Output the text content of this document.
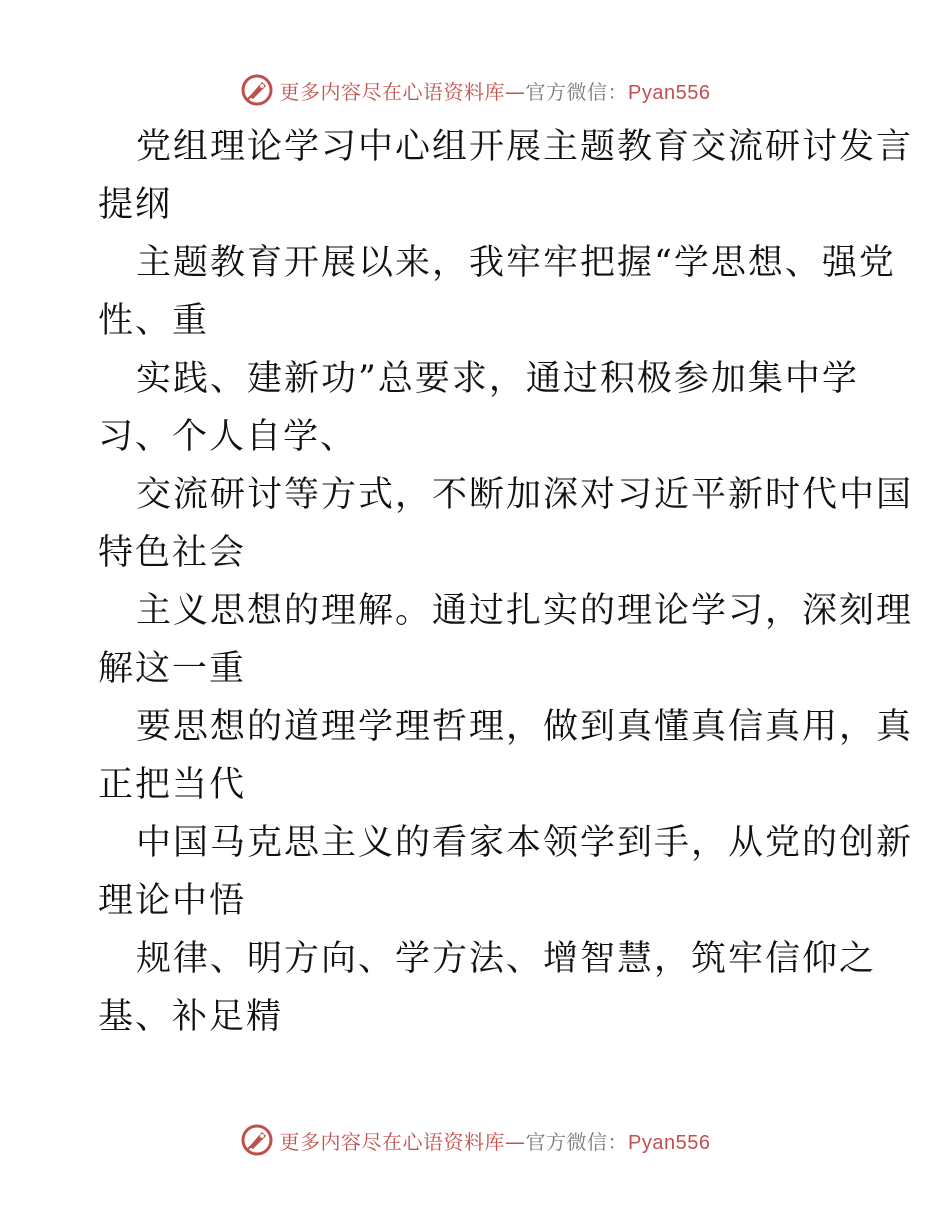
更多内容尽在心语资料库—官方微信：Pyan556
党组理论学习中心组开展主题教育交流研讨发言
提纲
主题教育开展以来，我牢牢把握“学思想、强党
性、重
实践、建新功”总要求，通过积极参加集中学
习、个人自学、
交流研讨等方式，不断加深对习近平新时代中国
特色社会
主义思想的理解。通过扎实的理论学习，深刻理
解这一重
要思想的道理学理哲理，做到真懂真信真用，真
正把当代
中国马克思主义的看家本领学到手，从党的创新
理论中悟
规律、明方向、学方法、增智慧，筑牢信仰之
基、补足精
更多内容尽在心语资料库—官方微信：Pyan556
